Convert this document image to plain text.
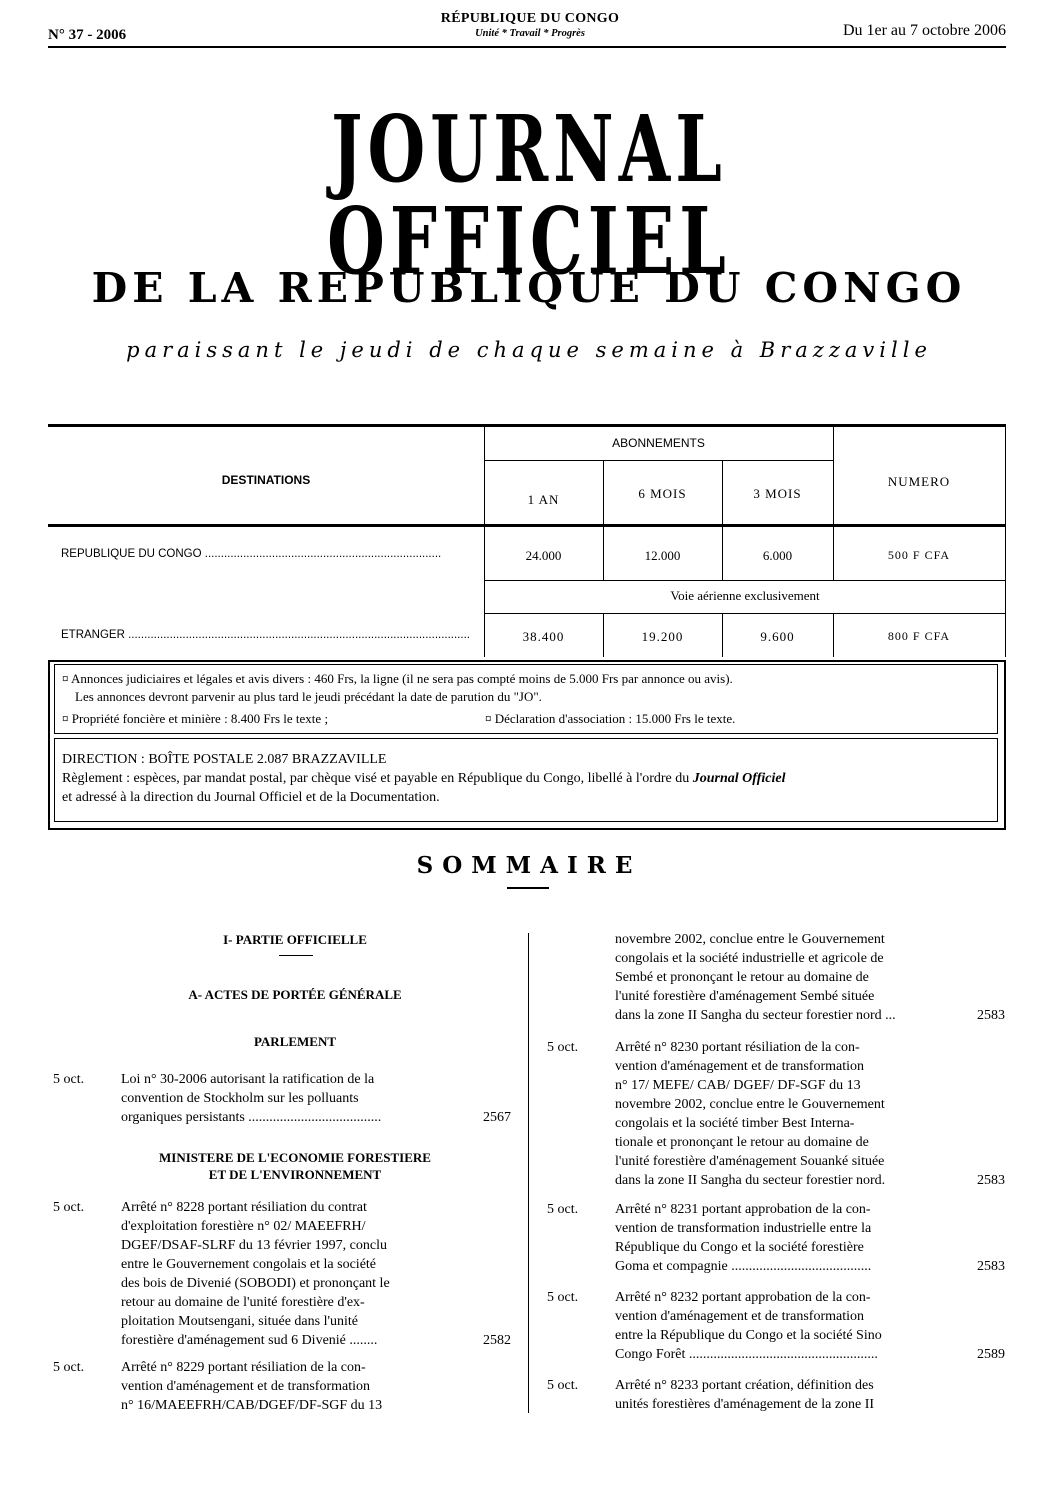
N° 37 - 2006
RÉPUBLIQUE DU CONGO
Unité * Travail * Progrès	Du 1er au 7 octobre 2006
JOURNAL OFFICIEL
DE LA REPUBLIQUE DU CONGO
paraissant le jeudi de chaque semaine à Brazzaville
DESTINATIONS
ABONNEMENTS
1 AN	6 MOIS	3 MOIS
NUMERO
REPUBLIQUE DU CONGO ..........................................................................	24.000	12.000	6.000	500 F CFA
Voie aérienne exclusivement
ETRANGER ...........................................................................................................	38.400	19.200	9.600	800 F CFA
¤ Annonces judiciaires et légales et avis divers : 460 Frs, la ligne (il ne sera pas compté moins de 5.000 Frs par annonce ou avis).
Les annonces devront parvenir au plus tard le jeudi précédant la date de parution du "JO".
¤ Propriété foncière et minière : 8.400 Frs le texte ;	¤ Déclaration d'association : 15.000 Frs le texte.
DIRECTION : BOÎTE POSTALE 2.087 BRAZZAVILLE
Règlement : espèces, par mandat postal, par chèque visé et payable en République du Congo, libellé à l'ordre du Journal Officiel
et adressé à la direction du Journal Officiel et de la Documentation.
SOMMAIRE
I- PARTIE OFFICIELLE
A- ACTES DE PORTÉE GÉNÉRALE
PARLEMENT
5 oct.	Loi n° 30-2006 autorisant la ratification de la
convention de Stockholm sur les polluants
organiques persistants ......................................	2567
MINISTERE DE L'ECONOMIE FORESTIERE
ET DE L'ENVIRONNEMENT
5 oct.	Arrêté n° 8228 portant résiliation du contrat
d'exploitation forestière n° 02/ MAEEFRH/
DGEF/DSAF-SLRF du 13 février 1997, conclu
entre le Gouvernement congolais et la société
des bois de Divenié (SOBODI) et prononçant le
retour au domaine de l'unité forestière d'ex-
ploitation Moutsengani, située dans l'unité
forestière d'aménagement sud 6 Divenié ........	2582
5 oct.	Arrêté n° 8229 portant résiliation de la con-
vention d'aménagement et de transformation
n° 16/MAEEFRH/CAB/DGEF/DF-SGF du 13
novembre 2002, conclue entre le Gouvernement
congolais et la société industrielle et agricole de
Sembé et prononçant le retour au domaine de
l'unité forestière d'aménagement Sembé située
dans la zone II Sangha du secteur forestier nord ...	2583
5 oct.	Arrêté n° 8230 portant résiliation de la con-
vention d'aménagement et de transformation
n° 17/ MEFE/ CAB/ DGEF/ DF-SGF du 13
novembre 2002, conclue entre le Gouvernement
congolais et la société timber Best Interna-
tionale et prononçant le retour au domaine de
l'unité forestière d'aménagement Souanké située
dans la zone II Sangha du secteur forestier nord.	2583
5 oct.	Arrêté n° 8231 portant approbation de la con-
vention de transformation industrielle entre la
République du Congo et la société forestière
Goma et compagnie ........................................	2583
5 oct.	Arrêté n° 8232 portant approbation de la con-
vention d'aménagement et de transformation
entre la République du Congo et la société Sino
Congo Forêt ......................................................	2589
5 oct.	Arrêté n° 8233 portant création, définition des
unités forestières d'aménagement de la zone II
